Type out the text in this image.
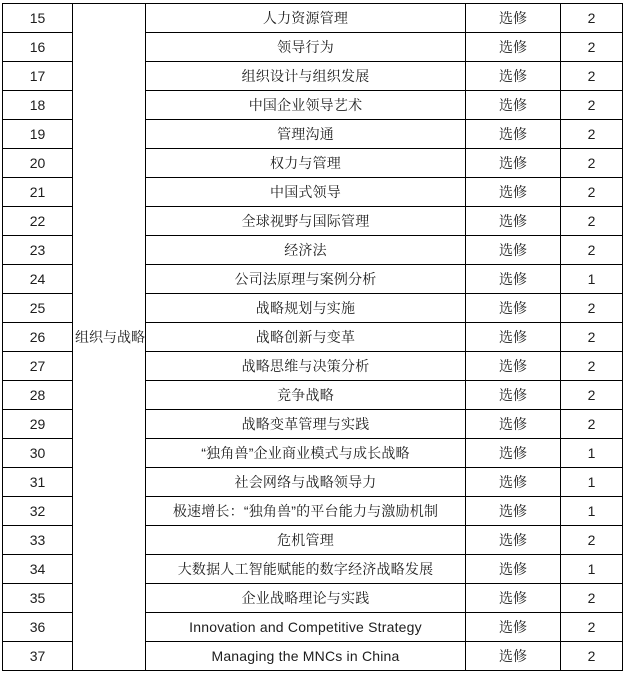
15	组织与战略	人力资源管理	选修	2
16		领导行为	选修	2
17		组织设计与组织发展	选修	2
18		中国企业领导艺术	选修	2
19		管理沟通	选修	2
20		权力与管理	选修	2
21		中国式领导	选修	2
22		全球视野与国际管理	选修	2
23		经济法	选修	2
24		公司法原理与案例分析	选修	1
25		战略规划与实施	选修	2
26		战略创新与变革	选修	2
27		战略思维与决策分析	选修	2
28		竞争战略	选修	2
29		战略变革管理与实践	选修	2
30		“独角兽”企业商业模式与成长战略	选修	1
31		社会网络与战略领导力	选修	1
32		极速增长：“独角兽”的平台能力与激励机制	选修	1
33		危机管理	选修	2
34		大数据人工智能赋能的数字经济战略发展	选修	1
35		企业战略理论与实践	选修	2
36		Innovation and Competitive Strategy	选修	2
37		Managing the MNCs in China	选修	2
